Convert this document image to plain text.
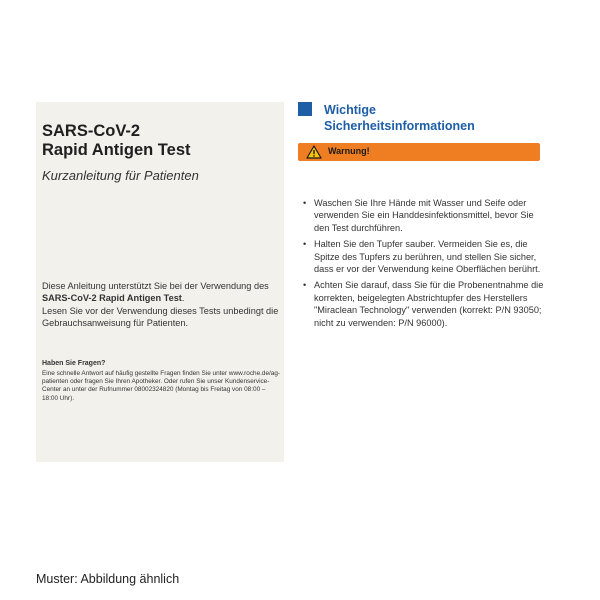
SARS-CoV-2
Rapid Antigen Test
Kurzanleitung für Patienten
Diese Anleitung unterstützt Sie bei der Verwendung des SARS-CoV-2 Rapid Antigen Test.
Lesen Sie vor der Verwendung dieses Tests unbedingt die Gebrauchsanweisung für Patienten.
Haben Sie Fragen?
Eine schnelle Antwort auf häufig gestellte Fragen finden Sie unter www.roche.de/ag-patienten oder fragen Sie Ihren Apotheker. Oder rufen Sie unser Kundenservice-Center an unter der Rufnummer 08002324820 (Montag bis Freitag von 08:00 – 18:00 Uhr).
Wichtige
Sicherheitsinformationen
Warnung!
• Waschen Sie Ihre Hände mit Wasser und Seife oder verwenden Sie ein Handdesinfektionsmittel, bevor Sie den Test durchführen.
• Halten Sie den Tupfer sauber. Vermeiden Sie es, die Spitze des Tupfers zu berühren, und stellen Sie sicher, dass er vor der Verwendung keine Oberflächen berührt.
• Achten Sie darauf, dass Sie für die Probenentnahme die korrekten, beigelegten Abstrichtupfer des Herstellers "Miraclean Technology" verwenden (korrekt: P/N 93050; nicht zu verwenden: P/N 96000).
Muster: Abbildung ähnlich
